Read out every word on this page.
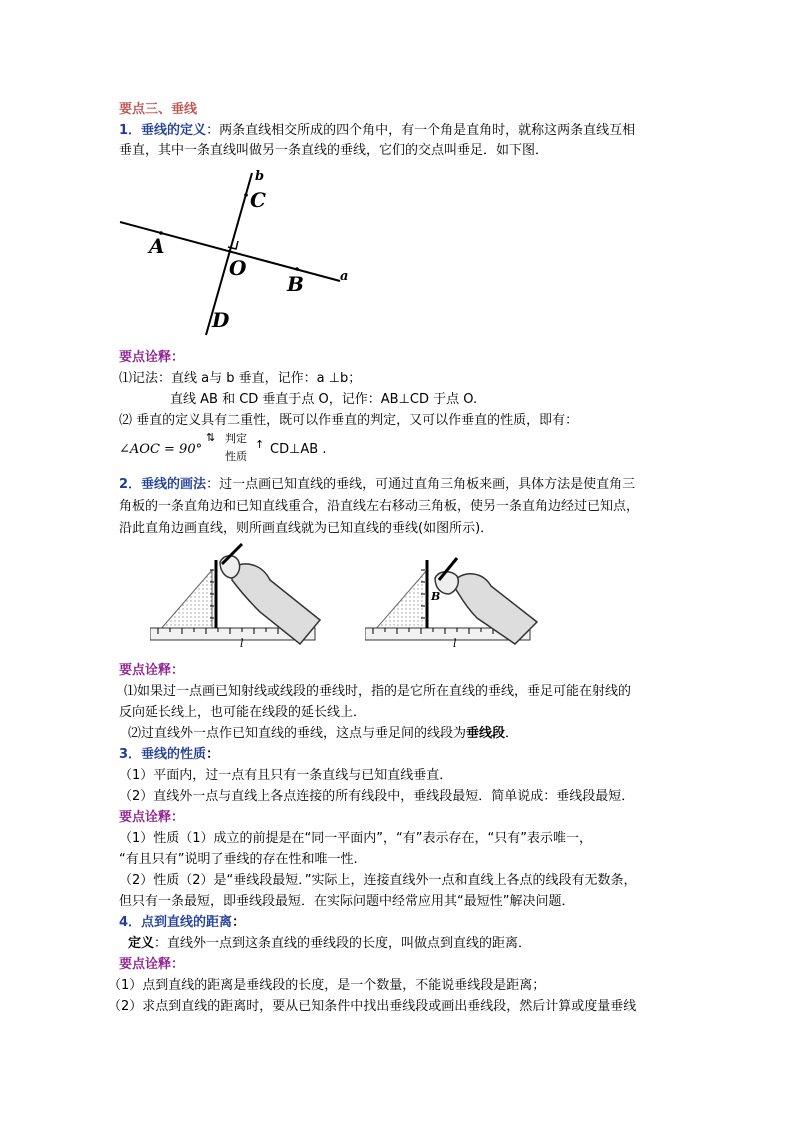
要点三、垂线
1．垂线的定义：两条直线相交所成的四个角中，有一个角是直角时，就称这两条直线互相
垂直，其中一条直线叫做另一条直线的垂线，它们的交点叫垂足．如下图．
b
C
A
O
B	a
D
要点诠释：
⑴记法：直线 a与 b 垂直，记作：a ⊥b；
直线 AB 和 CD 垂直于点 O，记作：AB⊥CD 于点 O.
⑵ 垂直的定义具有二重性，既可以作垂直的判定，又可以作垂直的性质，即有：
∠AOC = 90°
⇅ 判定
性质
↑ CD⊥AB .
2．垂线的画法：过一点画已知直线的垂线，可通过直角三角板来画，具体方法是使直角三
角板的一条直角边和已知直线重合，沿直线左右移动三角板，使另一条直角边经过已知点，
沿此直角边画直线，则所画直线就为已知直线的垂线(如图所示)．
l
B
l
要点诠释：
⑴如果过一点画已知射线或线段的垂线时，指的是它所在直线的垂线，垂足可能在射线的
反向延长线上，也可能在线段的延长线上．
⑵过直线外一点作已知直线的垂线，这点与垂足间的线段为垂线段．
3．垂线的性质：
（1）平面内，过一点有且只有一条直线与已知直线垂直．
（2）直线外一点与直线上各点连接的所有线段中，垂线段最短．简单说成：垂线段最短．
要点诠释：
（1）性质（1）成立的前提是在“同一平面内”，“有”表示存在，“只有”表示唯一，
“有且只有”说明了垂线的存在性和唯一性.
（2）性质（2）是“垂线段最短．”实际上，连接直线外一点和直线上各点的线段有无数条，
但只有一条最短，即垂线段最短．在实际问题中经常应用其“最短性”解决问题．
4．点到直线的距离：
定义：直线外一点到这条直线的垂线段的长度，叫做点到直线的距离．
要点诠释：
（1）点到直线的距离是垂线段的长度，是一个数量，不能说垂线段是距离；
（2）求点到直线的距离时，要从已知条件中找出垂线段或画出垂线段，然后计算或度量垂线
